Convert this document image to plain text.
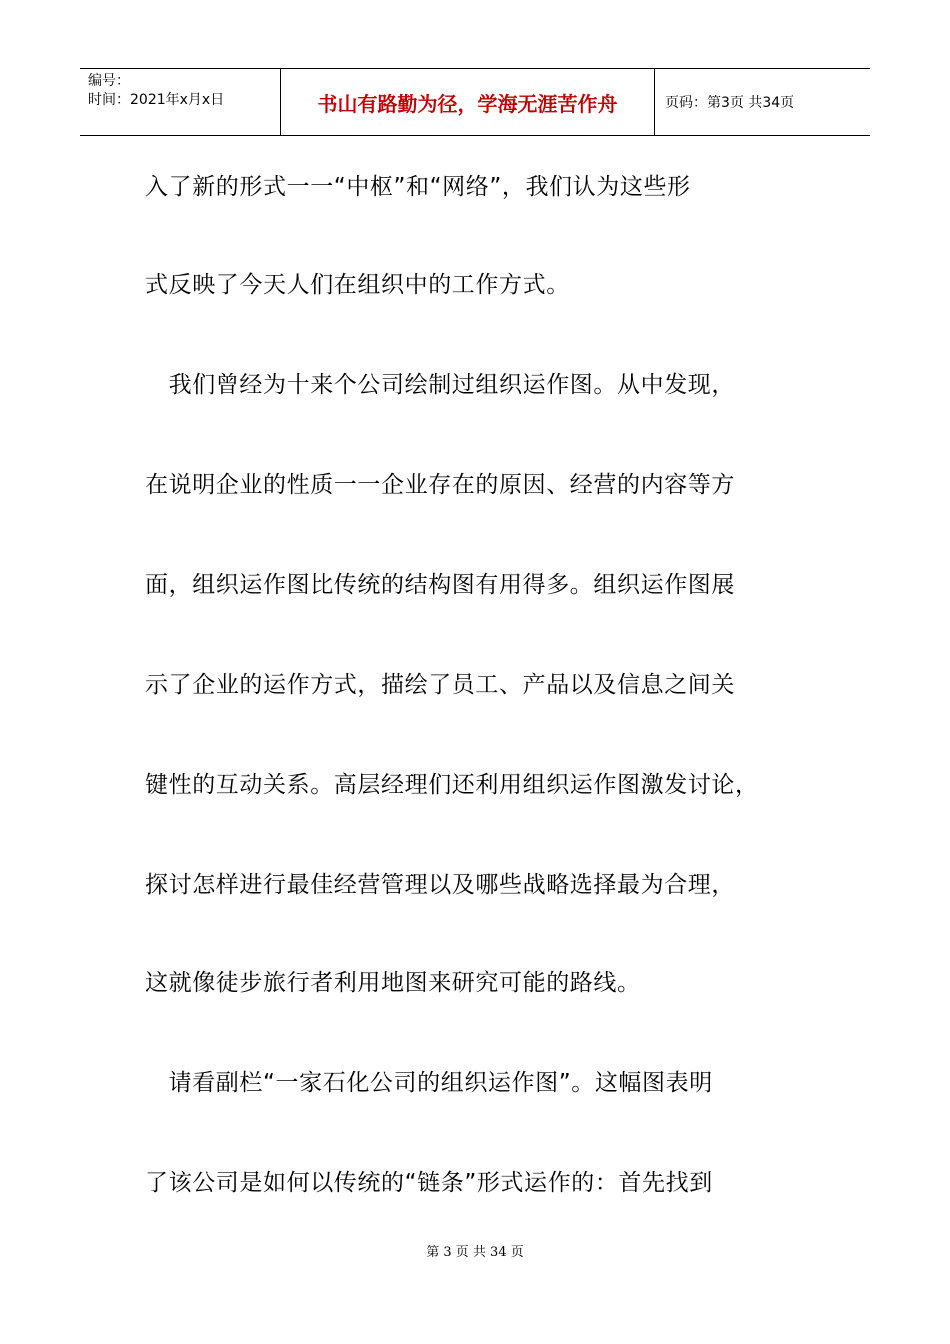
编号：
时间：2021年x月x日	书山有路勤为径，学海无涯苦作舟	页码：第3页 共34页
入了新的形式一一“中枢”和“网络”，我们认为这些形
式反映了今天人们在组织中的工作方式。
　我们曾经为十来个公司绘制过组织运作图。从中发现，
在说明企业的性质一一企业存在的原因、经营的内容等方
面，组织运作图比传统的结构图有用得多。组织运作图展
示了企业的运作方式，描绘了员工、产品以及信息之间关
键性的互动关系。高层经理们还利用组织运作图激发讨论，
探讨怎样进行最佳经营管理以及哪些战略选择最为合理，
这就像徒步旅行者利用地图来研究可能的路线。
　请看副栏“一家石化公司的组织运作图”。这幅图表明
了该公司是如何以传统的“链条”形式运作的：首先找到
第 3 页 共 34 页
